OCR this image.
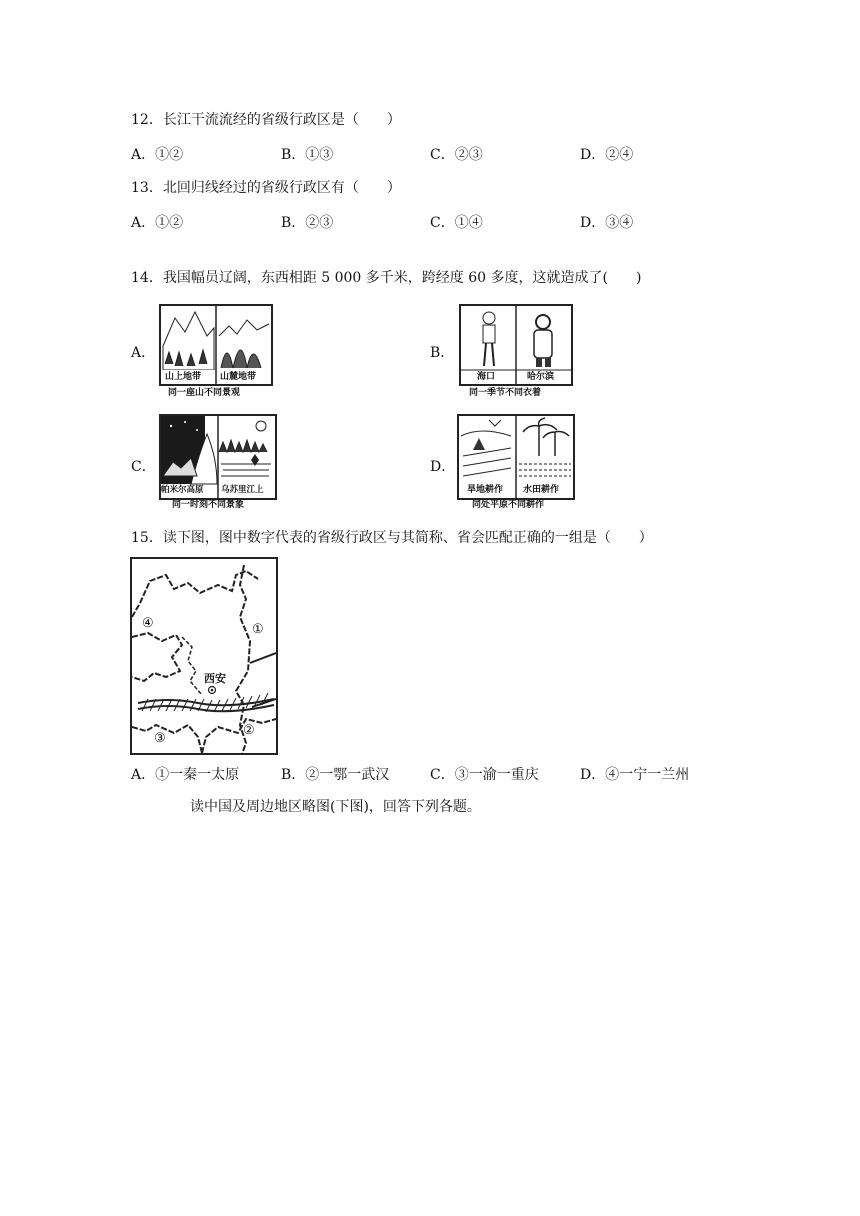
12．长江干流流经的省级行政区是（　　）
A．①②	B．①③	C．②③	D．②④
13．北回归线经过的省级行政区有（　　）
A．①②	B．②③	C．①④	D．③④
14．我国幅员辽阔，东西相距 5 000 多千米，跨经度 60 多度，这就造成了(　　)
A．
山上地带 山麓地带
同一座山不同景观
B．
海口	哈尔滨
同一季节不同衣着
C．
帕米尔高原 乌苏里江上
同一时刻不同景象
D．
旱地耕作 水田耕作
同处平原不同耕作
15．读下图，图中数字代表的省级行政区与其简称、省会匹配正确的一组是（　　）
西安
①
②
③
④
A．①一秦一太原	B．②一鄂一武汉	C．③一渝一重庆	D．④一宁一兰州
读中国及周边地区略图(下图)，回答下列各题。
